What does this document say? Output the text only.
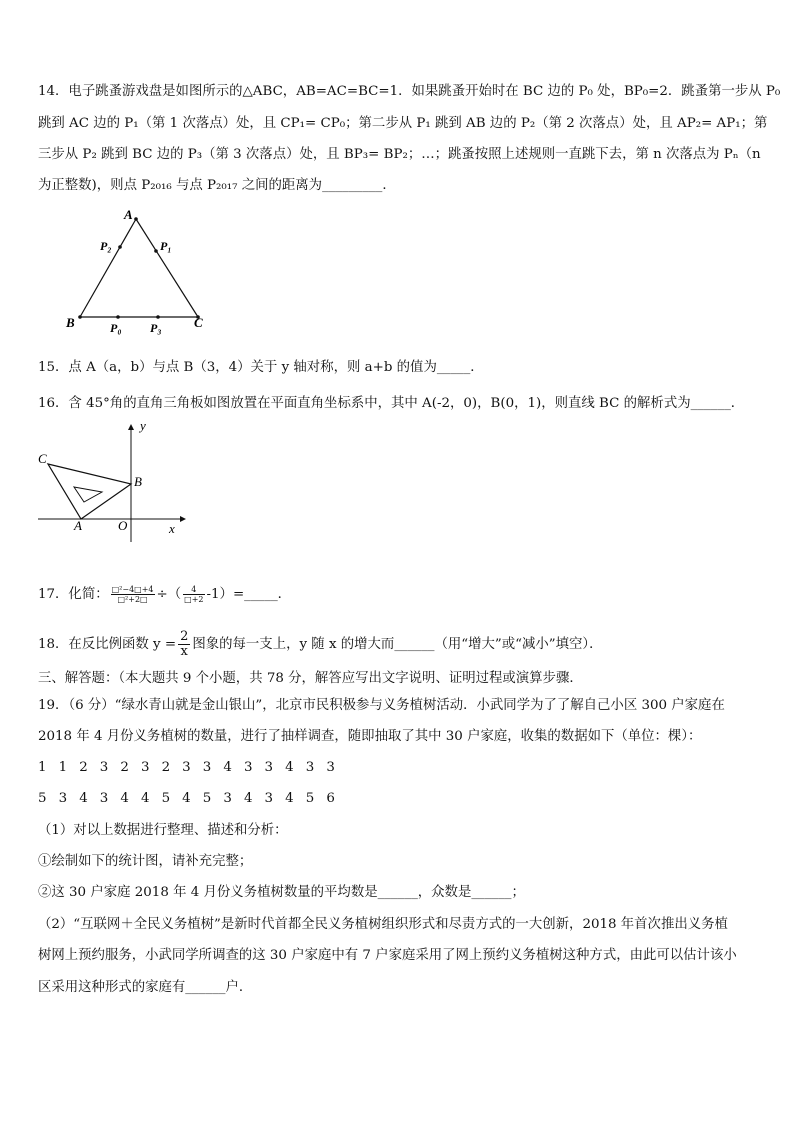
14．电子跳蚤游戏盘是如图所示的△ABC，AB=AC=BC=1．如果跳蚤开始时在 BC 边的 P₀ 处，BP₀=2．跳蚤第一步从 P₀
跳到 AC 边的 P₁（第 1 次落点）处，且 CP₁= CP₀；第二步从 P₁ 跳到 AB 边的 P₂（第 2 次落点）处，且 AP₂= AP₁；第
三步从 P₂ 跳到 BC 边的 P₃（第 3 次落点）处，且 BP₃= BP₂；…；跳蚤按照上述规则一直跳下去，第 n 次落点为 Pₙ（n
为正整数)，则点 P₂₀₁₆ 与点 P₂₀₁₇ 之间的距离为_________．
A
B	C
P₀ P₃
P₁
P₂
15．点 A（a，b）与点 B（3，4）关于 y 轴对称，则 a+b 的值为_____．
16．含 45°角的直角三角板如图放置在平面直角坐标系中，其中 A(-2，0)，B(0，1)，则直线 BC 的解析式为______．
y
x
C
B
A	O
17．化简： $\frac{\text{□²−4□+4}}{\text{□²+2□}}$ ÷（ $\frac{4}{□+2}$ -1）=_____．
18．在反比例函数 $y = \frac{2}{x}$ 图象的每一支上，y 随 x 的增大而______（用“增大”或“减小”填空）．
三、解答题：（本大题共 9 个小题，共 78 分，解答应写出文字说明、证明过程或演算步骤．
19．（6 分）“绿水青山就是金山银山”，北京市民积极参与义务植树活动．小武同学为了了解自己小区 300 户家庭在
2018 年 4 月份义务植树的数量，进行了抽样调查，随即抽取了其中 30 户家庭，收集的数据如下（单位：棵）：
1 1 2 3 2 3 2 3 3 4 3 3 4 3 3
5 3 4 3 4 4 5 4 5 3 4 3 4 5 6
（1）对以上数据进行整理、描述和分析：
①绘制如下的统计图，请补充完整；
②这 30 户家庭 2018 年 4 月份义务植树数量的平均数是______，众数是______；
（2）“互联网＋全民义务植树”是新时代首都全民义务植树组织形式和尽责方式的一大创新，2018 年首次推出义务植
树网上预约服务，小武同学所调查的这 30 户家庭中有 7 户家庭采用了网上预约义务植树这种方式，由此可以估计该小
区采用这种形式的家庭有______户．
